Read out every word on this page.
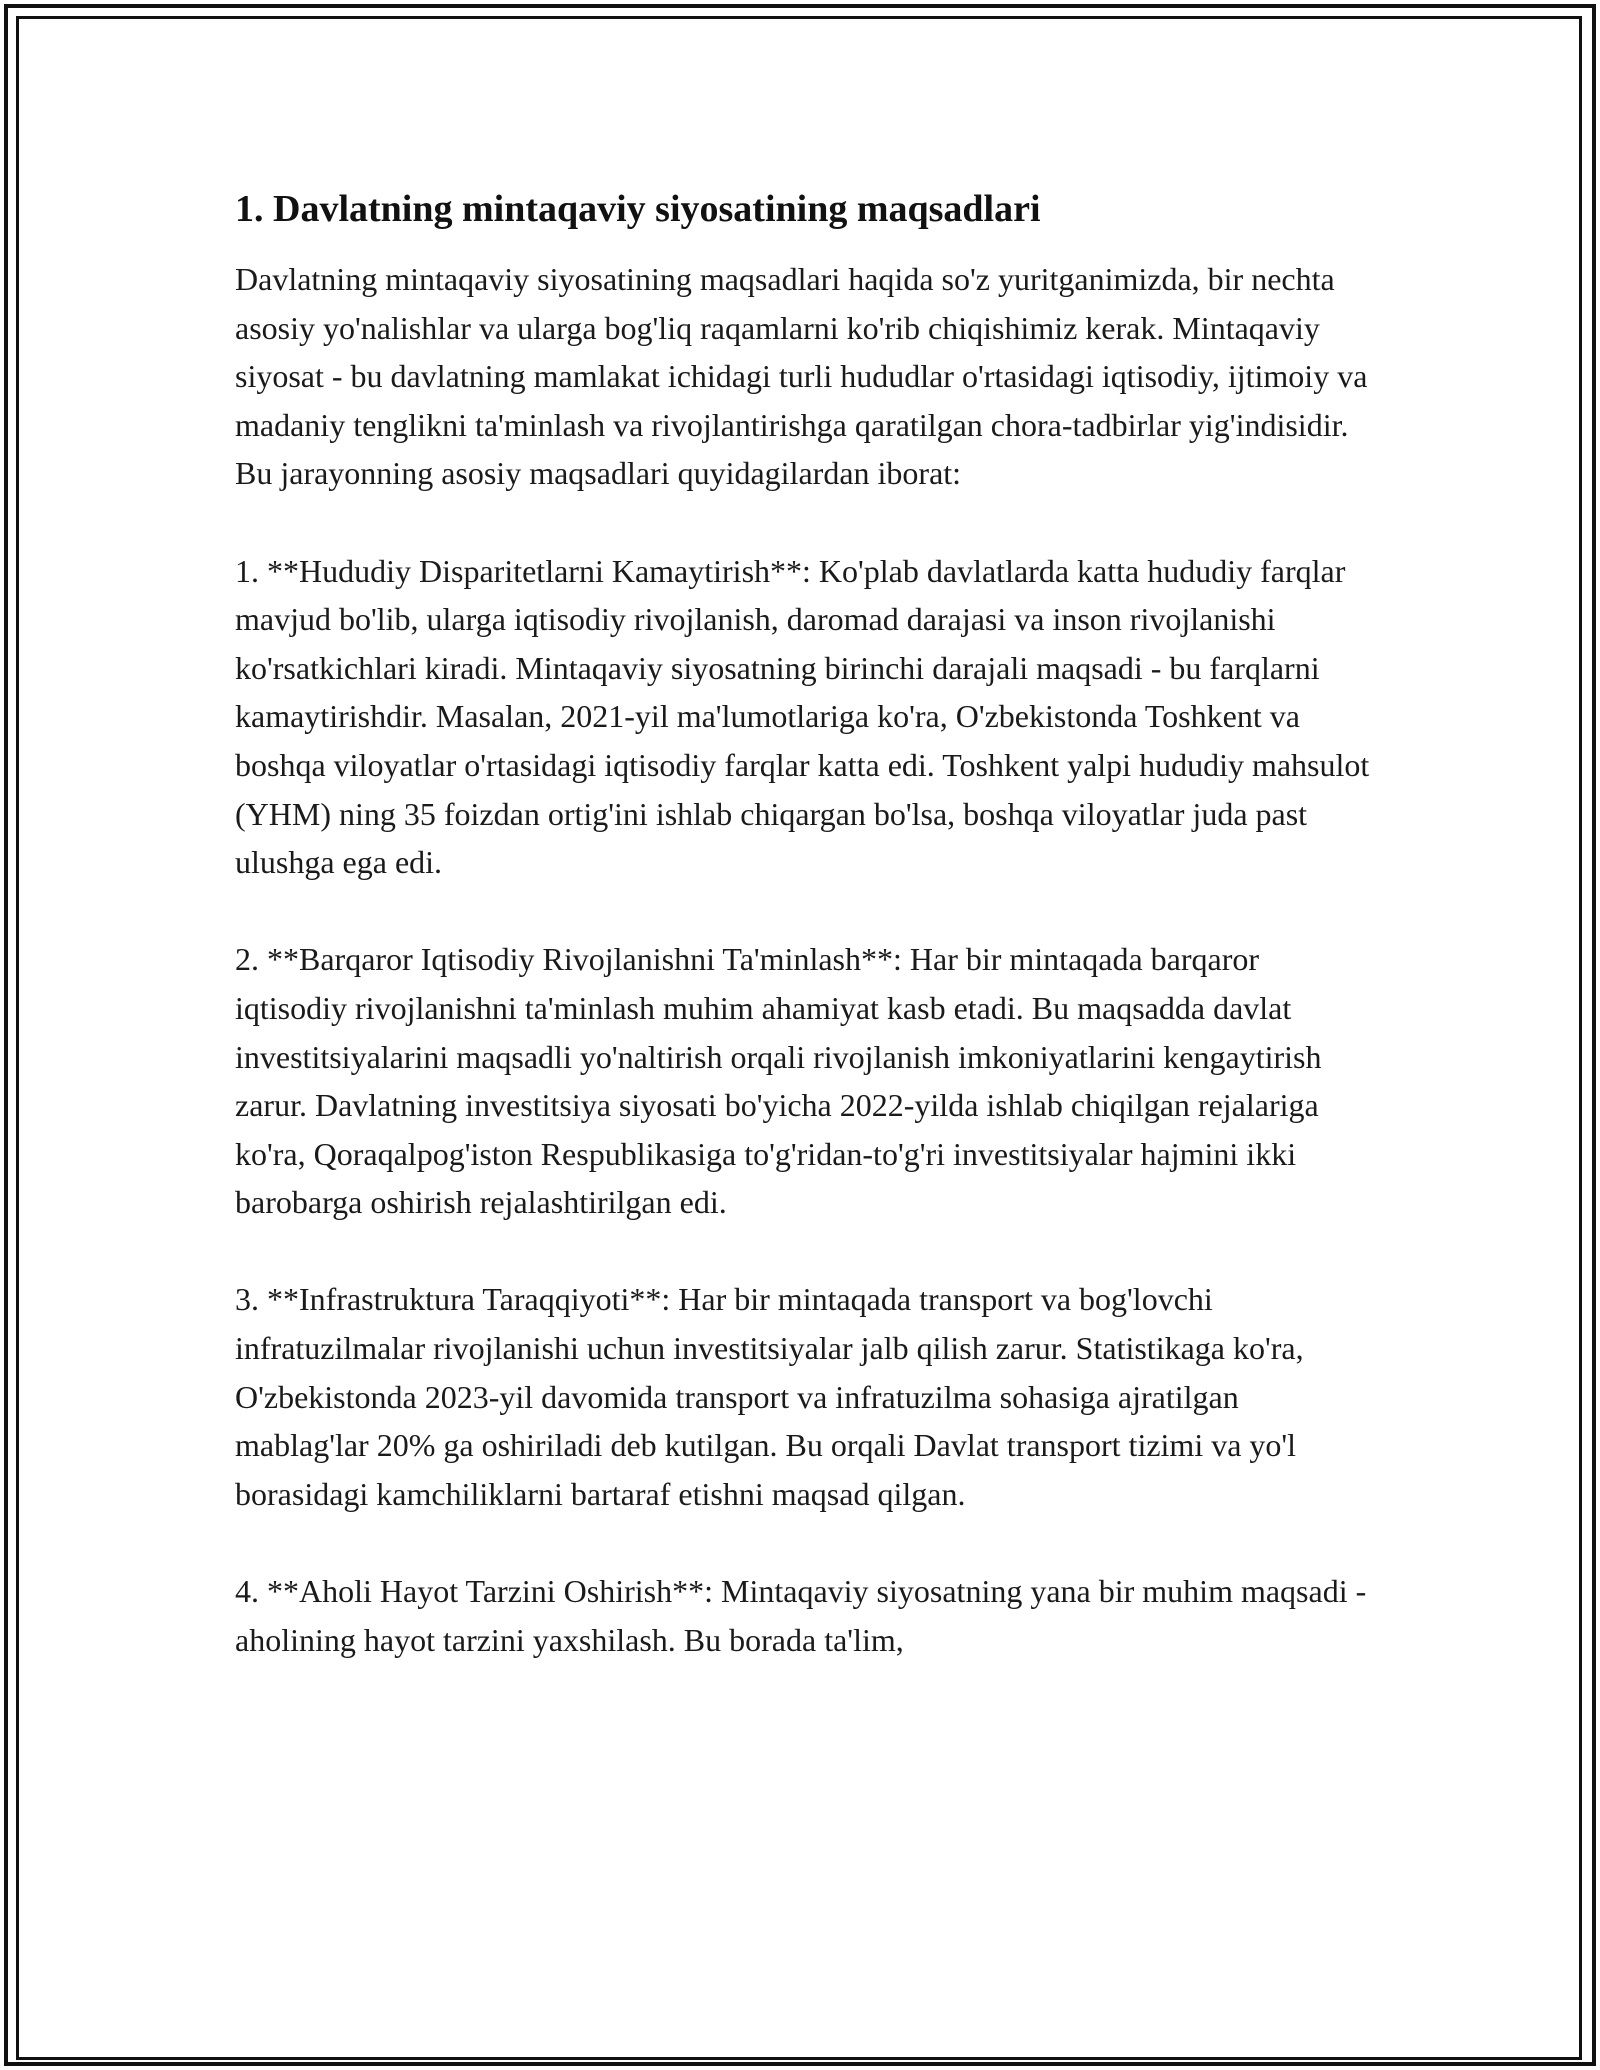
1. Davlatning mintaqaviy siyosatining maqsadlari

Davlatning mintaqaviy siyosatining maqsadlari haqida so'z yuritganimizda, bir nechta asosiy yo'nalishlar va ularga bog'liq raqamlarni ko'rib chiqishimiz kerak. Mintaqaviy siyosat - bu davlatning mamlakat ichidagi turli hududlar o'rtasidagi iqtisodiy, ijtimoiy va madaniy tenglikni ta'minlash va rivojlantirishga qaratilgan chora-tadbirlar yig'indisidir. Bu jarayonning asosiy maqsadlari quyidagilardan iborat:

1. **Hududiy Disparitetlarni Kamaytirish**: Ko'plab davlatlarda katta hududiy farqlar mavjud bo'lib, ularga iqtisodiy rivojlanish, daromad darajasi va inson rivojlanishi ko'rsatkichlari kiradi. Mintaqaviy siyosatning birinchi darajali maqsadi - bu farqlarni kamaytirishdir. Masalan, 2021-yil ma'lumotlariga ko'ra, O'zbekistonda Toshkent va boshqa viloyatlar o'rtasidagi iqtisodiy farqlar katta edi. Toshkent yalpi hududiy mahsulot (YHM) ning 35 foizdan ortig'ini ishlab chiqargan bo'lsa, boshqa viloyatlar juda past ulushga ega edi.

2. **Barqaror Iqtisodiy Rivojlanishni Ta'minlash**: Har bir mintaqada barqaror iqtisodiy rivojlanishni ta'minlash muhim ahamiyat kasb etadi. Bu maqsadda davlat investitsiyalarini maqsadli yo'naltirish orqali rivojlanish imkoniyatlarini kengaytirish zarur. Davlatning investitsiya siyosati bo'yicha 2022-yilda ishlab chiqilgan rejalariga ko'ra, Qoraqalpog'iston Respublikasiga to'g'ridan-to'g'ri investitsiyalar hajmini ikki barobarga oshirish rejalashtirilgan edi.

3. **Infrastruktura Taraqqiyoti**: Har bir mintaqada transport va bog'lovchi infratuzilmalar rivojlanishi uchun investitsiyalar jalb qilish zarur. Statistikaga ko'ra, O'zbekistonda 2023-yil davomida transport va infratuzilma sohasiga ajratilgan mablag'lar 20% ga oshiriladi deb kutilgan. Bu orqali Davlat transport tizimi va yo'l borasidagi kamchiliklarni bartaraf etishni maqsad qilgan.

4. **Aholi Hayot Tarzini Oshirish**: Mintaqaviy siyosatning yana bir muhim maqsadi - aholining hayot tarzini yaxshilash. Bu borada ta'lim,
